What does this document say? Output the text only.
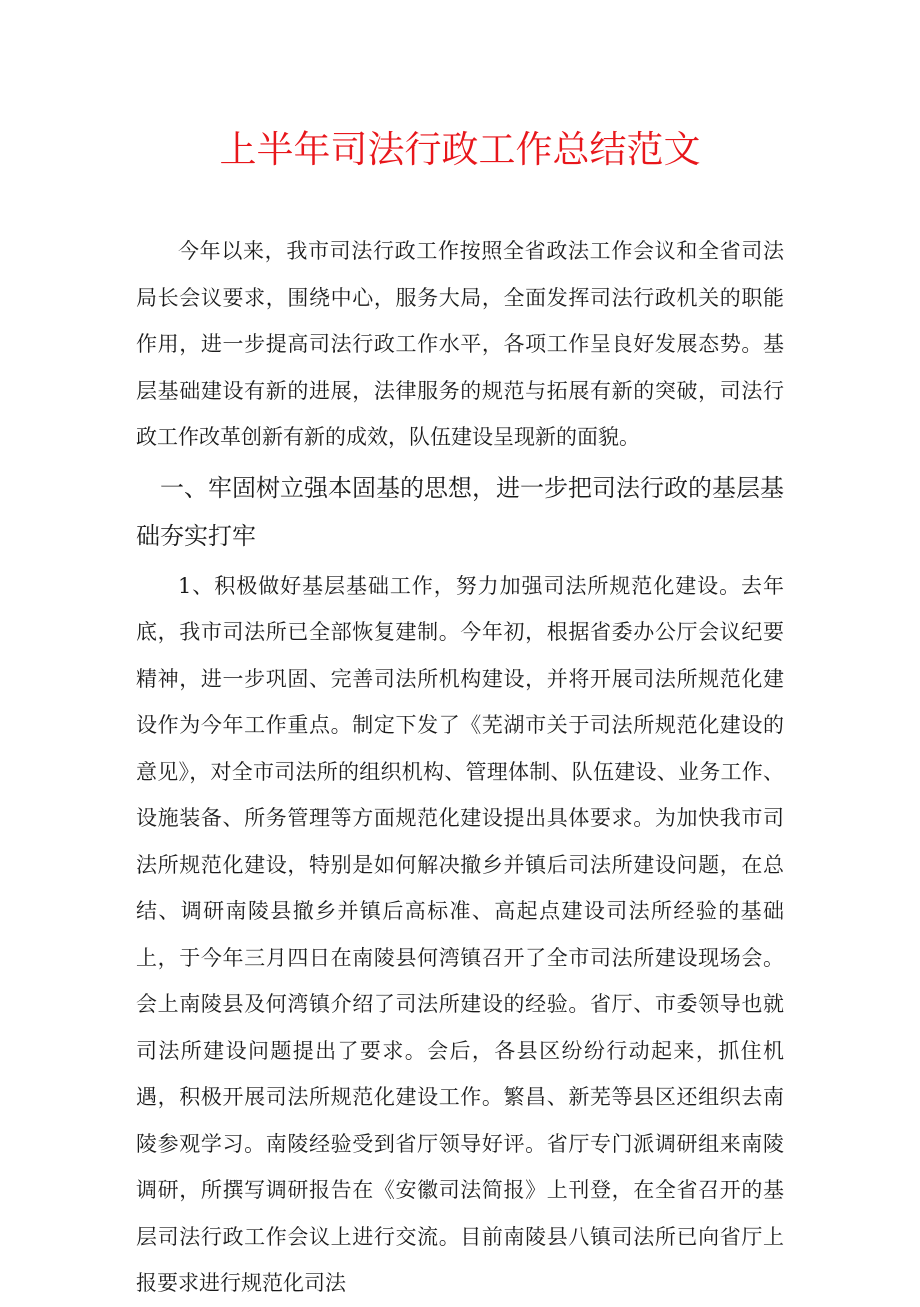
上半年司法行政工作总结范文

今年以来，我市司法行政工作按照全省政法工作会议和全省司法局长会议要求，围绕中心，服务大局，全面发挥司法行政机关的职能作用，进一步提高司法行政工作水平，各项工作呈良好发展态势。基层基础建设有新的进展，法律服务的规范与拓展有新的突破，司法行政工作改革创新有新的成效，队伍建设呈现新的面貌。

一、牢固树立强本固基的思想，进一步把司法行政的基层基础夯实打牢

1、积极做好基层基础工作，努力加强司法所规范化建设。去年底，我市司法所已全部恢复建制。今年初，根据省委办公厅会议纪要精神，进一步巩固、完善司法所机构建设，并将开展司法所规范化建设作为今年工作重点。制定下发了《芜湖市关于司法所规范化建设的意见》，对全市司法所的组织机构、管理体制、队伍建设、业务工作、设施装备、所务管理等方面规范化建设提出具体要求。为加快我市司法所规范化建设，特别是如何解决撤乡并镇后司法所建设问题，在总结、调研南陵县撤乡并镇后高标准、高起点建设司法所经验的基础上，于今年三月四日在南陵县何湾镇召开了全市司法所建设现场会。会上南陵县及何湾镇介绍了司法所建设的经验。省厅、市委领导也就司法所建设问题提出了要求。会后，各县区纷纷行动起来，抓住机遇，积极开展司法所规范化建设工作。繁昌、新芜等县区还组织去南陵参观学习。南陵经验受到省厅领导好评。省厅专门派调研组来南陵调研，所撰写调研报告在《安徽司法简报》上刊登，在全省召开的基层司法行政工作会议上进行交流。目前南陵县八镇司法所已向省厅上报要求进行规范化司法
